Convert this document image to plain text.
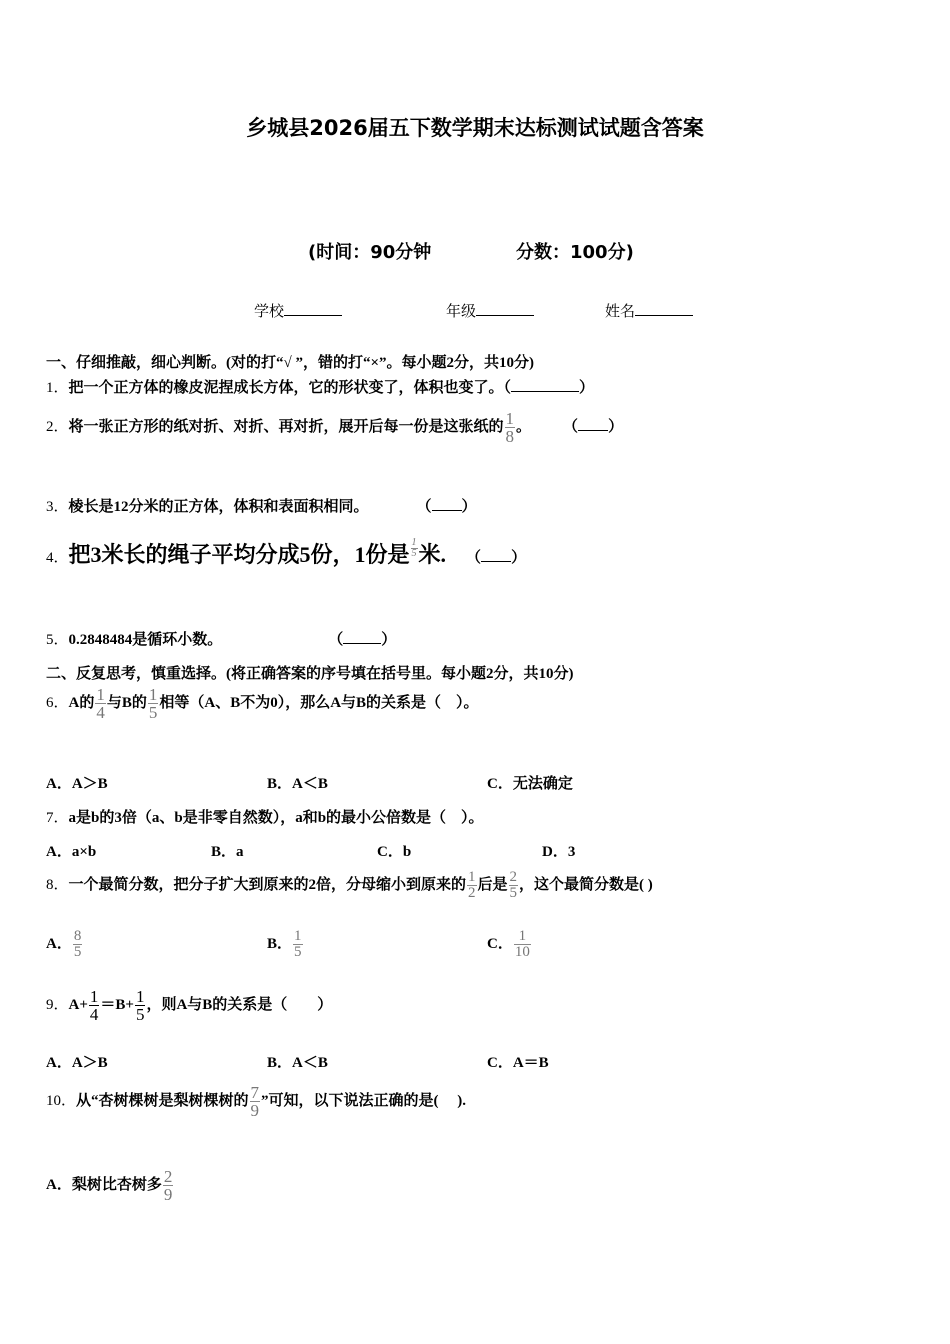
乡城县2026届五下数学期末达标测试试题含答案
(时间：90分钟	分数：100分)
学校	年级	姓名
一、仔细推敲，细心判断。(对的打“√ ”，错的打“×”。每小题2分，共10分)
1．把一个正方体的橡皮泥捏成长方体，它的形状变了，体积也变了。（	）
2．将一张正方形的纸对折、对折、再对折，展开后每一份是这张纸的 $\frac{1}{8}$ 。 （ ）
3．棱长是12分米的正方体，体积和表面积相同。	（ ）
4．把3米长的绳子平均分成5份，1份是 $\frac{1}{5}$ 米. （ ）
5．0.2848484是循环小数。	（	）
二、反复思考，慎重选择。(将正确答案的序号填在括号里。每小题2分，共10分)
6．A的 $\frac{1}{4}$ 与B的 $\frac{1}{5}$ 相等（A、B不为0），那么A与B的关系是（　）。
A．A＞B	B．A＜B	C．无法确定
7．a是b的3倍（a、b是非零自然数），a和b的最小公倍数是（　）。
A．a×b	B．a	C．b	D．3
8．一个最简分数，把分子扩大到原来的2倍，分母缩小到原来的 $\frac{1}{2}$ 后是 $\frac{2}{5}$ ，这个最简分数是( )
A． $\frac{8}{5}$	B． $\frac{1}{5}$	C． $\frac{1}{10}$
9．$A+ \frac{1}{4} =B+ \frac{1}{5}$ ，则A与B的关系是（　　）
A．A＞B	B．A＜B	C．A＝B
10．从“杏树棵树是梨树棵树的 $\frac{7}{9}$ ”可知，以下说法正确的是(　 ).
A．梨树比杏树多 $\frac{2}{9}$
